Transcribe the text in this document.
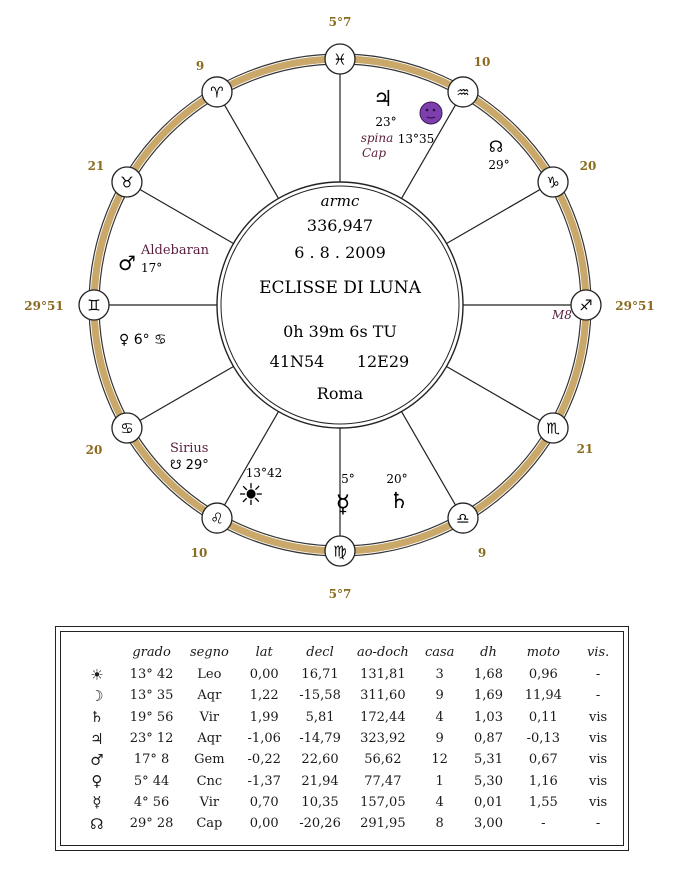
armc
336,947
6 . 8 . 2009
ECLISSE DI LUNA
0h 39m 6s TU
41N54 12E29
Roma
♓
5°7
♒
10
♑
20
♐ 29°51
♏
21
♎
9
♍
5°7
♌
10
♋
20
♊
29°51
♉
21
♈
9
♃
23°
13°35
spina
Cap	☊
29°
Aldebaran
♂ 17°
♀ 6° ♋
Sirius
☋ 29°	13°42
☀	5°
☿
20°
♄
M8
	grado	segno	lat	decl	ao-doch	casa	dh	moto	vis.
☀	13° 42	Leo	0,00	16,71	131,81	3	1,68	0,96	-
☽	13° 35	Aqr	1,22	-15,58	311,60	9	1,69	11,94	-
♄	19° 56	Vir	1,99	5,81	172,44	4	1,03	0,11	vis
♃	23° 12	Aqr	-1,06	-14,79	323,92	9	0,87	-0,13	vis
♂	17° 8	Gem	-0,22	22,60	56,62	12	5,31	0,67	vis
♀	5° 44	Cnc	-1,37	21,94	77,47	1	5,30	1,16	vis
☿	4° 56	Vir	0,70	10,35	157,05	4	0,01	1,55	vis
☊	29° 28	Cap	0,00	-20,26	291,95	8	3,00	-	-
